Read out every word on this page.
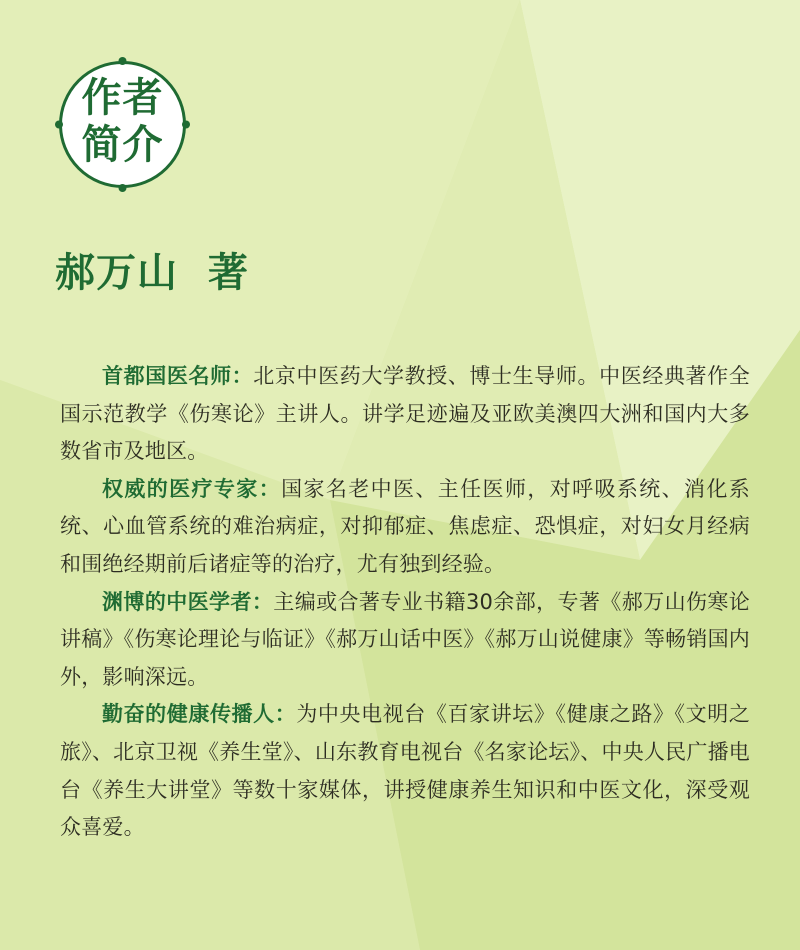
作者
简介
郝万山 著

首都国医名师：北京中医药大学教授、博士生导师。中医经典著作全国示范教学《伤寒论》主讲人。讲学足迹遍及亚欧美澳四大洲和国内大多数省市及地区。

权威的医疗专家：国家名老中医、主任医师，对呼吸系统、消化系统、心血管系统的难治病症，对抑郁症、焦虑症、恐惧症，对妇女月经病和围绝经期前后诸症等的治疗，尤有独到经验。

渊博的中医学者：主编或合著专业书籍30余部，专著《郝万山伤寒论讲稿》《伤寒论理论与临证》《郝万山话中医》《郝万山说健康》等畅销国内外，影响深远。

勤奋的健康传播人：为中央电视台《百家讲坛》《健康之路》《文明之旅》、北京卫视《养生堂》、山东教育电视台《名家论坛》、中央人民广播电台《养生大讲堂》等数十家媒体，讲授健康养生知识和中医文化，深受观众喜爱。
